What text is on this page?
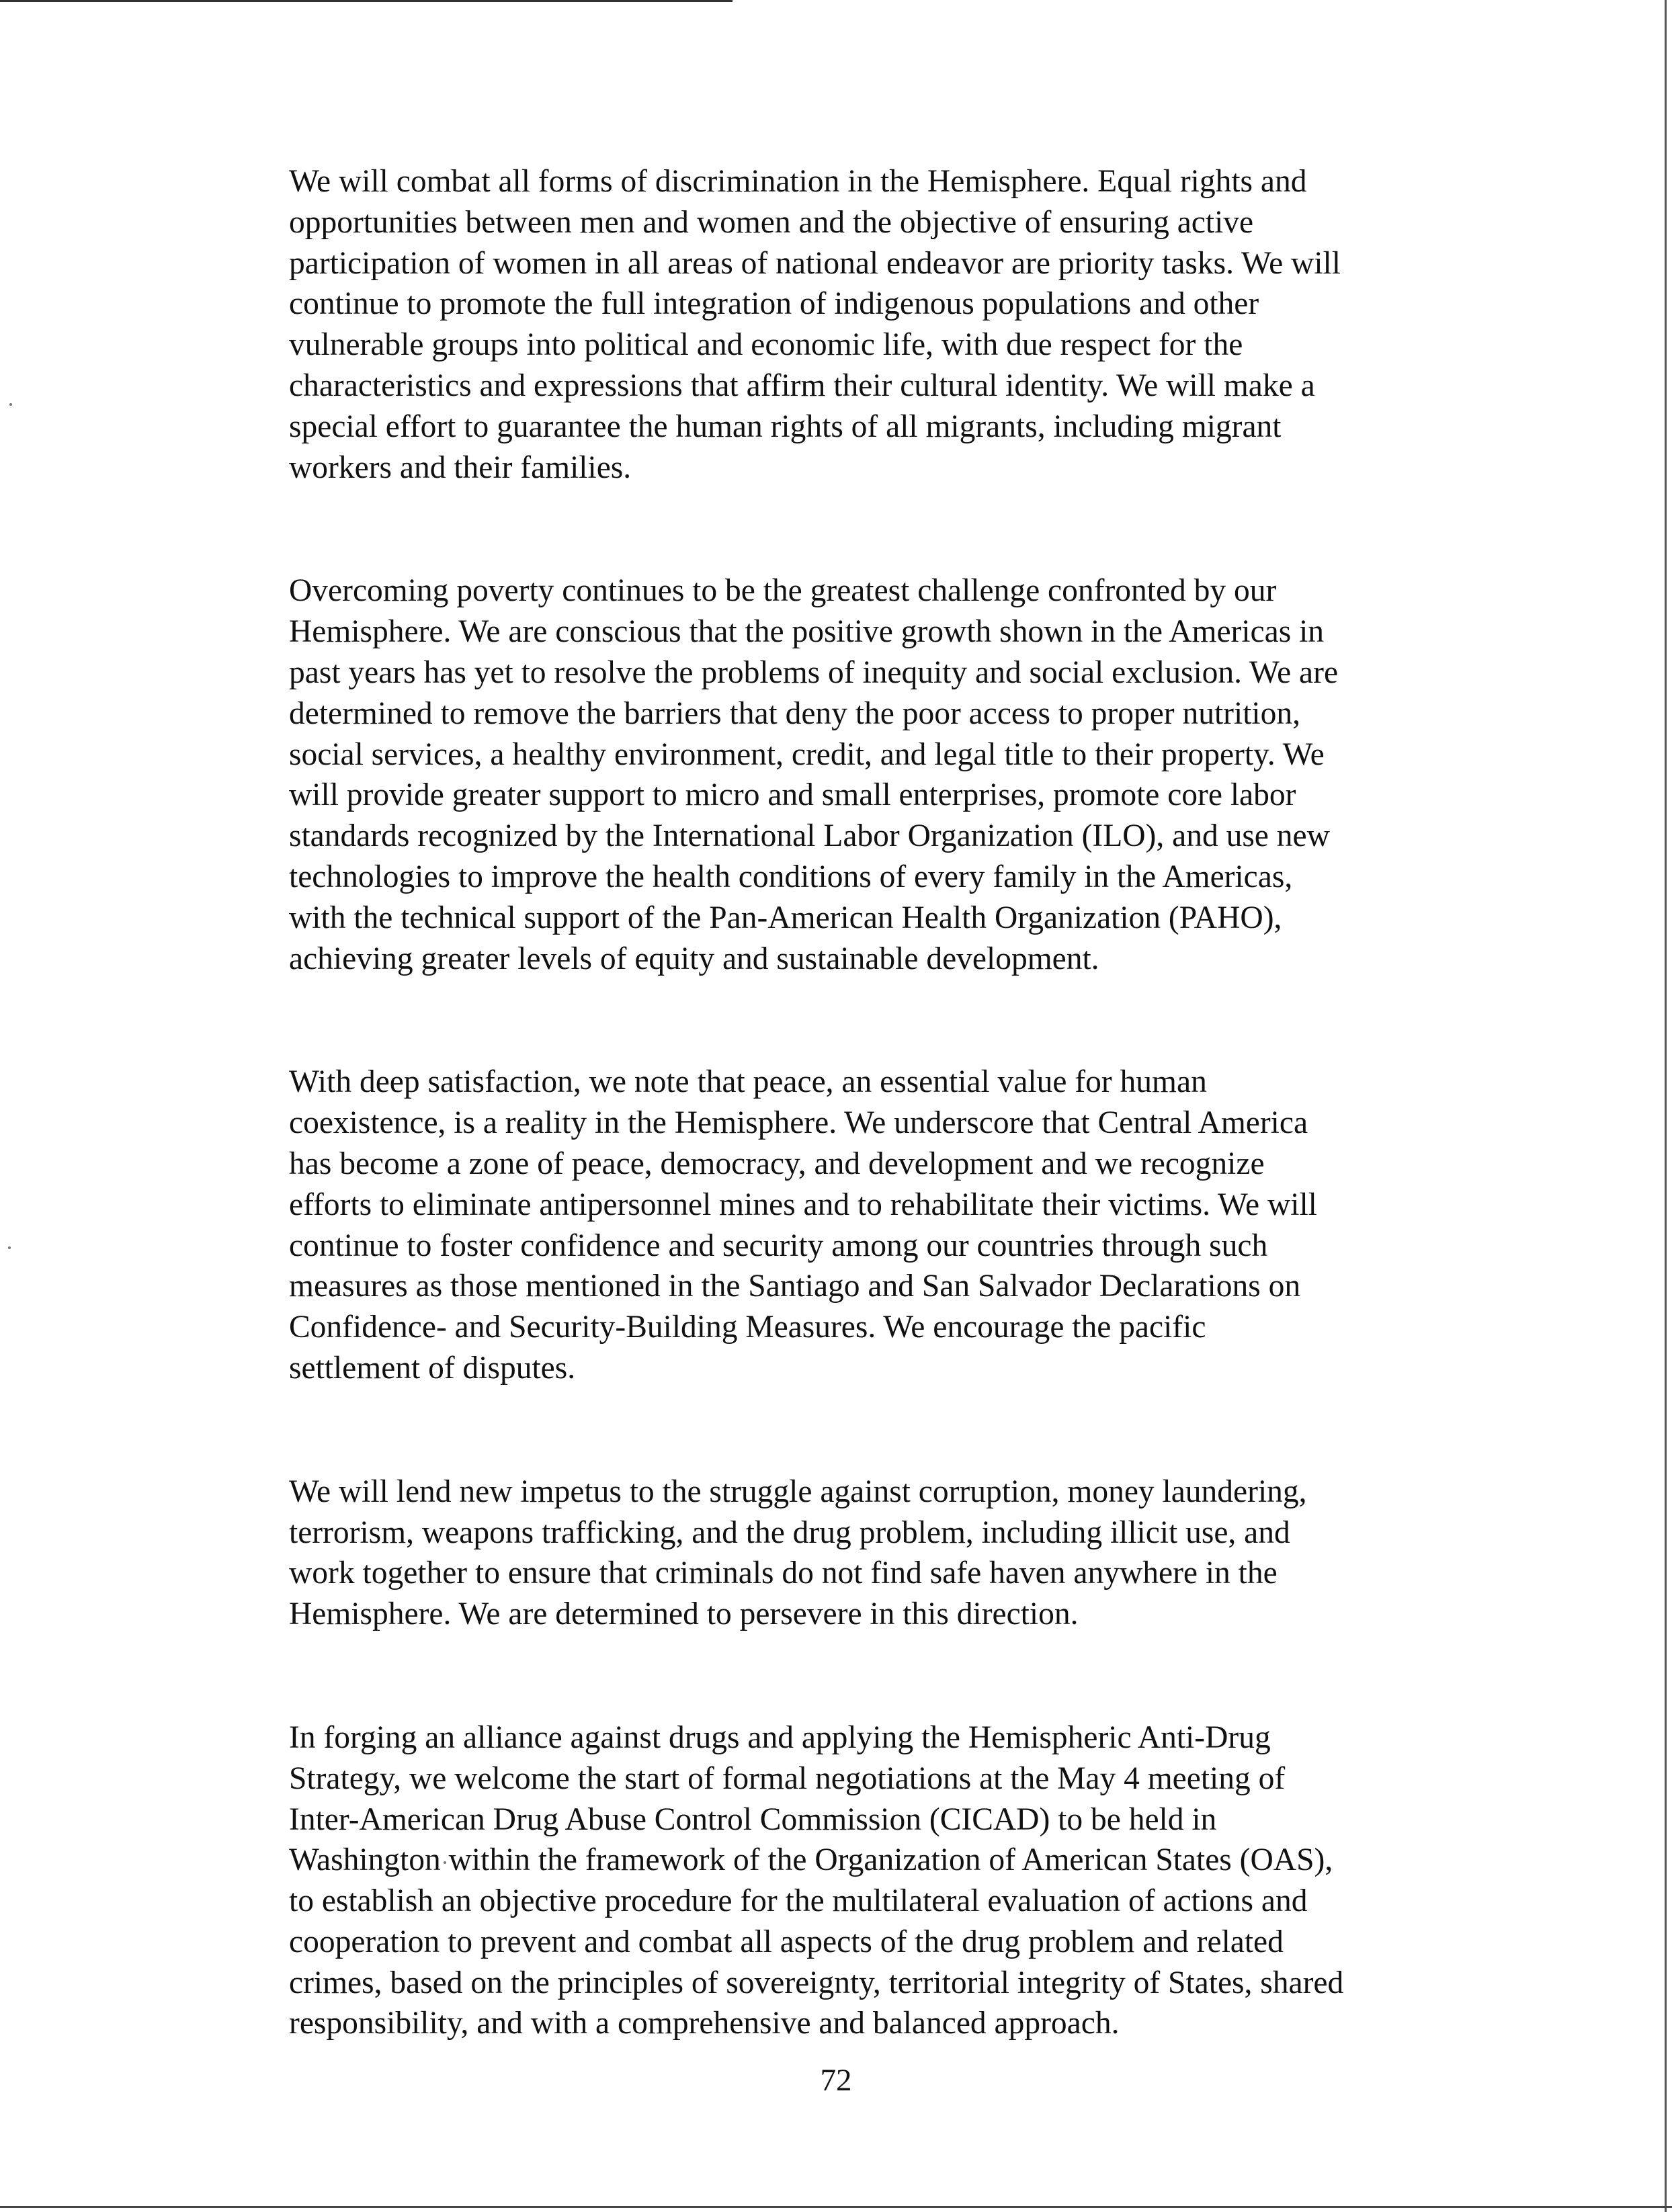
We will combat all forms of discrimination in the Hemisphere. Equal rights and
opportunities between men and women and the objective of ensuring active
participation of women in all areas of national endeavor are priority tasks. We will
continue to promote the full integration of indigenous populations and other
vulnerable groups into political and economic life, with due respect for the
characteristics and expressions that affirm their cultural identity. We will make a
special effort to guarantee the human rights of all migrants, including migrant
workers and their families.

Overcoming poverty continues to be the greatest challenge confronted by our
Hemisphere. We are conscious that the positive growth shown in the Americas in
past years has yet to resolve the problems of inequity and social exclusion. We are
determined to remove the barriers that deny the poor access to proper nutrition,
social services, a healthy environment, credit, and legal title to their property. We
will provide greater support to micro and small enterprises, promote core labor
standards recognized by the International Labor Organization (ILO), and use new
technologies to improve the health conditions of every family in the Americas,
with the technical support of the Pan-American Health Organization (PAHO),
achieving greater levels of equity and sustainable development.

With deep satisfaction, we note that peace, an essential value for human
coexistence, is a reality in the Hemisphere. We underscore that Central America
has become a zone of peace, democracy, and development and we recognize
efforts to eliminate antipersonnel mines and to rehabilitate their victims. We will
continue to foster confidence and security among our countries through such
measures as those mentioned in the Santiago and San Salvador Declarations on
Confidence- and Security-Building Measures. We encourage the pacific
settlement of disputes.

We will lend new impetus to the struggle against corruption, money laundering,
terrorism, weapons trafficking, and the drug problem, including illicit use, and
work together to ensure that criminals do not find safe haven anywhere in the
Hemisphere. We are determined to persevere in this direction.

In forging an alliance against drugs and applying the Hemispheric Anti-Drug
Strategy, we welcome the start of formal negotiations at the May 4 meeting of
Inter-American Drug Abuse Control Commission (CICAD) to be held in
Washington within the framework of the Organization of American States (OAS),
to establish an objective procedure for the multilateral evaluation of actions and
cooperation to prevent and combat all aspects of the drug problem and related
crimes, based on the principles of sovereignty, territorial integrity of States, shared
responsibility, and with a comprehensive and balanced approach.

72
